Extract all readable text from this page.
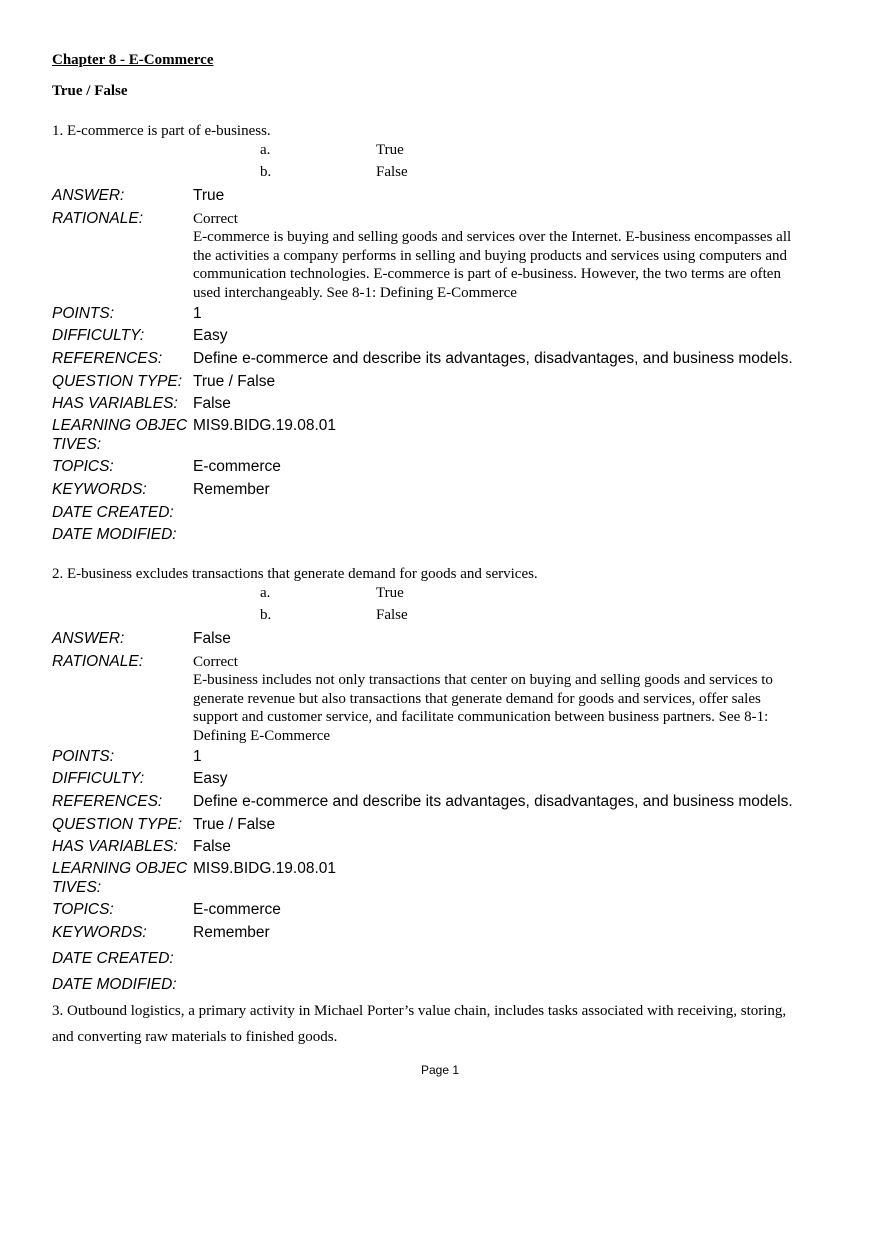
Chapter 8 - E-Commerce
True / False
1. E-commerce is part of e-business.
a.	True
b.	False
ANSWER:	True
RATIONALE:	Correct
E-commerce is buying and selling goods and services over the Internet. E-business encompasses all
the activities a company performs in selling and buying products and services using computers and
communication technologies. E-commerce is part of e-business. However, the two terms are often
used interchangeably. See 8-1: Defining E-Commerce
POINTS:	1
DIFFICULTY:	Easy
REFERENCES:	Define e-commerce and describe its advantages, disadvantages, and business models.
QUESTION TYPE: True / False
HAS VARIABLES: False
LEARNING OBJEC
TIVES:
MIS9.BIDG.19.08.01
TOPICS:	E-commerce
KEYWORDS:	Remember
DATE CREATED:
DATE MODIFIED:
2. E-business excludes transactions that generate demand for goods and services.
a.	True
b.	False
ANSWER:	False
RATIONALE:	Correct
E-business includes not only transactions that center on buying and selling goods and services to
generate revenue but also transactions that generate demand for goods and services, offer sales
support and customer service, and facilitate communication between business partners. See 8-1:
Defining E-Commerce
POINTS:	1
DIFFICULTY:	Easy
REFERENCES:	Define e-commerce and describe its advantages, disadvantages, and business models.
QUESTION TYPE: True / False
HAS VARIABLES: False
LEARNING OBJEC
TIVES:
MIS9.BIDG.19.08.01
TOPICS:	E-commerce
KEYWORDS:	Remember
DATE CREATED:
DATE MODIFIED:
3. Outbound logistics, a primary activity in Michael Porter’s value chain, includes tasks associated with receiving, storing,
and converting raw materials to finished goods.
Page 1
